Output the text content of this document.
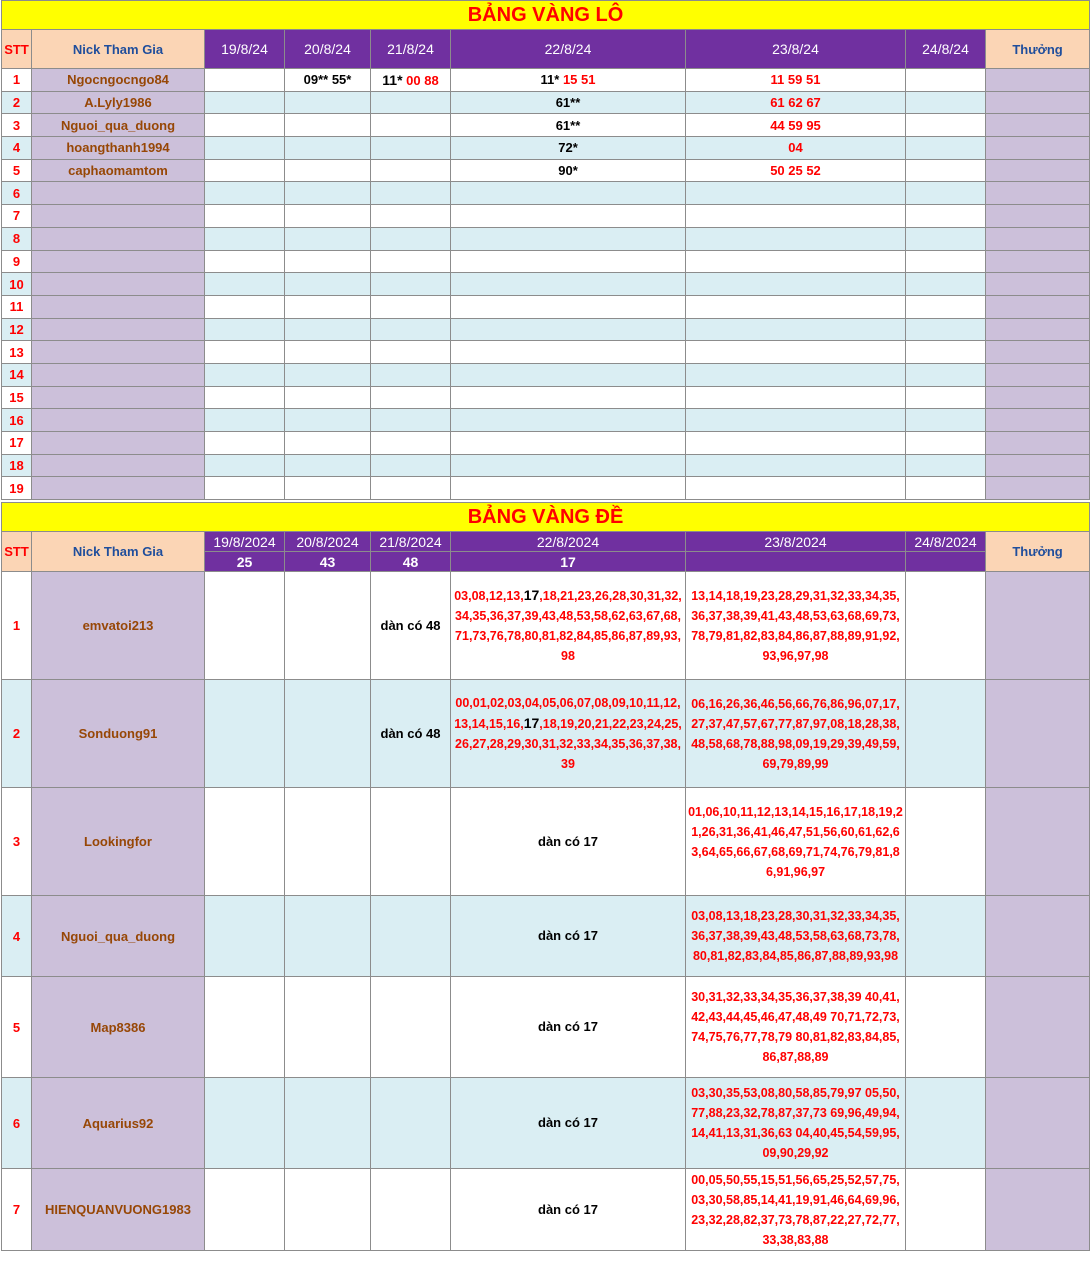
BẢNG VÀNG LÔ								
STT	Nick Tham Gia	19/8/24	20/8/24	21/8/24	22/8/24	23/8/24	24/8/24	Thưởng
1	Ngocngocngo84		09** 55*	11* 00 88	11* 15 51	11 59 51		
2	A.Lyly1986				61**	61 62 67		
3	Nguoi_qua_duong				61**	44 59 95		
4	hoangthanh1994				72*	04		
5	caphaomamtom				90*	50 25 52		
6								
7								
8								
9								
10								
11								
12								
13								
14								
15								
16								
17								
18								
19								
BẢNG VÀNG ĐỀ								
STT	Nick Tham Gia	19/8/2024	20/8/2024	21/8/2024	22/8/2024	23/8/2024	24/8/2024	Thưởng
		25	43	48	17			
1	emvatoi213			dàn có 48	03,08,12,13,17,18,21,23,26,28,30,31,32,34,35,36,37,39,43,48,53,58,62,63,67,68,71,73,76,78,80,81,82,84,85,86,87,89,93,98	13,14,18,19,23,28,29,31,32,33,34,35,36,37,38,39,41,43,48,53,63,68,69,73,78,79,81,82,83,84,86,87,88,89,91,92,93,96,97,98		
2	Sonduong91			dàn có 48	00,01,02,03,04,05,06,07,08,09,10,11,12,13,14,15,16,17,18,19,20,21,22,23,24,25,26,27,28,29,30,31,32,33,34,35,36,37,38,39	06,16,26,36,46,56,66,76,86,96,07,17,27,37,47,57,67,77,87,97,08,18,28,38,48,58,68,78,88,98,09,19,29,39,49,59,69,79,89,99		
3	Lookingfor				dàn có 17	01,06,10,11,12,13,14,15,16,17,18,19,21,26,31,36,41,46,47,51,56,60,61,62,63,64,65,66,67,68,69,71,74,76,79,81,86,91,96,97		
4	Nguoi_qua_duong				dàn có 17	03,08,13,18,23,28,30,31,32,33,34,35,36,37,38,39,43,48,53,58,63,68,73,78,80,81,82,83,84,85,86,87,88,89,93,98		
5	Map8386				dàn có 17	30,31,32,33,34,35,36,37,38,39 40,41,42,43,44,45,46,47,48,49 70,71,72,73,74,75,76,77,78,79 80,81,82,83,84,85,86,87,88,89		
6	Aquarius92				dàn có 17	03,30,35,53,08,80,58,85,79,97 05,50,77,88,23,32,78,87,37,73 69,96,49,94,14,41,13,31,36,63 04,40,45,54,59,95,09,90,29,92		
7	HIENQUANVUONG1983				dàn có 17	00,05,50,55,15,51,56,65,25,52,57,75,03,30,58,85,14,41,19,91,46,64,69,96,23,32,28,82,37,73,78,87,22,27,72,77,33,38,83,88		
